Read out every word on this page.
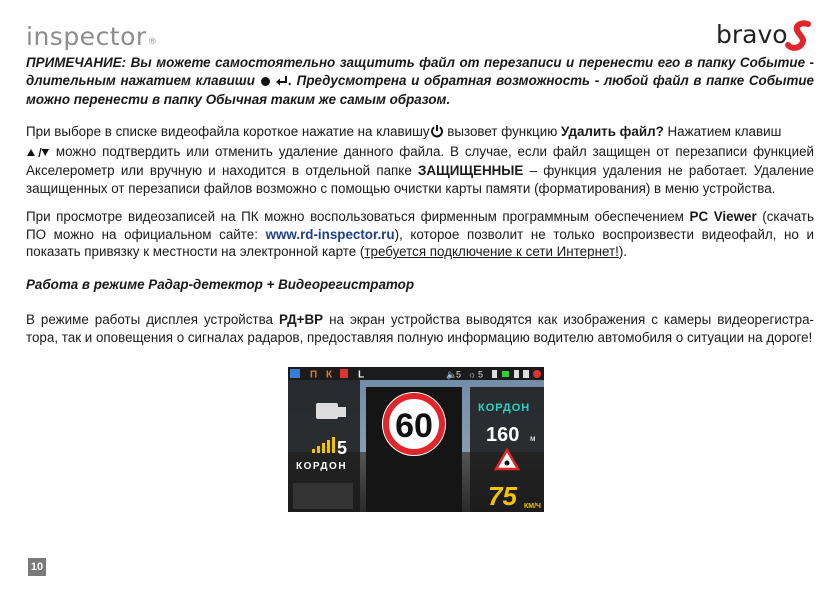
inspector®	bravo
ПРИМЕЧАНИЕ: Вы можете самостоятельно защитить файл от перезаписи и перенести его в папку Событие - длительным нажатием клавиши . Предусмотрена и обратная возможность - любой файл в папке Событие можно перенести в папку Обычная таким же самым образом.
При выборе в списке видеофайла короткое нажатие на клавишу вызовет функцию Удалить файл? Нажатием клавиш
можно подтвердить или отменить удаление данного файла. В случае, если файл защищен от перезаписи функцией Акселерометр или вручную и находится в отдельной папке ЗАЩИЩЕННЫЕ – функция удаления не работает. Удаление защищенных от перезаписи файлов возможно с помощью очистки карты памяти (форматирования) в меню устройства.
При просмотре видеозаписей на ПК можно воспользоваться фирменным программным обеспечением PC Viewer (скачать ПО можно на официальном сайте: www.rd-inspector.ru), которое позволит не только воспроизвести видеофайл, но и показать привязку к местности на электронной карте (требуется подключение к сети Интернет!).
Работа в режиме Радар-детектор + Видеорегистратор
В режиме работы дисплея устройства РД+ВР на экран устройства выводятся как изображения с камеры видеорегистра-тора, так и оповещения о сигналах радаров, предоставляя полную информацию водителю автомобиля о ситуации на дороге!
П К	L	🔈
5 ☼ 5
5
КОРДОН
60	КОРДОН
160 м
75 КМ/Ч
10
